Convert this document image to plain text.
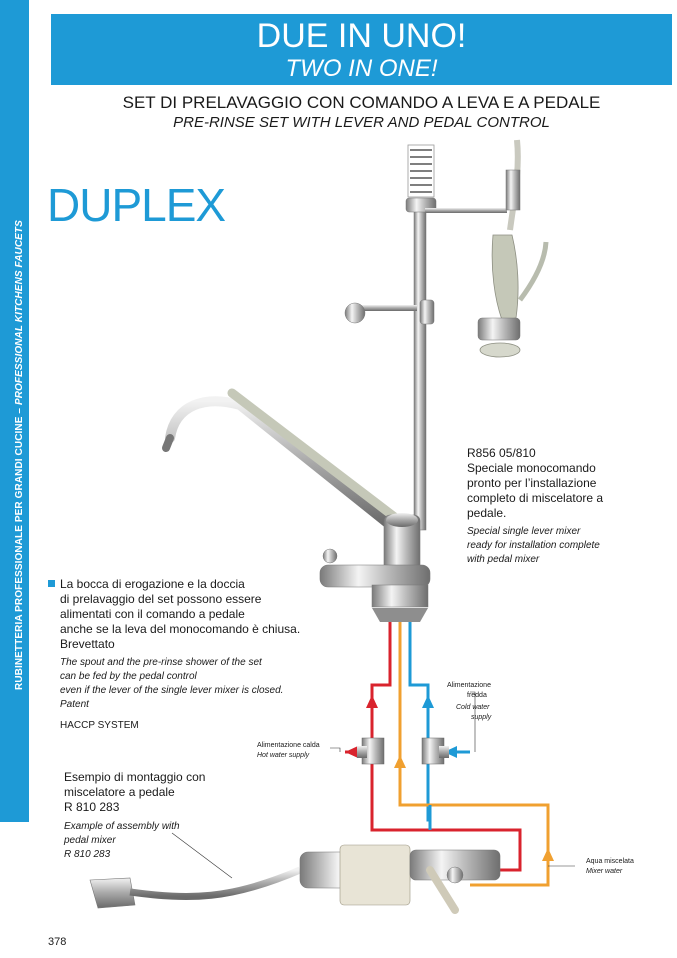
RUBINETTERIA PROFESSIONALE PER GRANDI CUCINE – PROFESSIONAL KITCHENS FAUCETS
DUE IN UNO!
TWO IN ONE!
SET DI PRELAVAGGIO CON COMANDO A LEVA E A PEDALE
PRE-RINSE SET WITH LEVER AND PEDAL CONTROL
DUPLEX
R856 05/810
Speciale monocomando
pronto per l’installazione
completo di miscelatore a
pedale.
Special single lever mixer
ready for installation complete
with pedal mixer
La bocca di erogazione e la doccia
di prelavaggio del set possono essere
alimentati con il comando a pedale
anche se la leva del monocomando è chiusa.
Brevettato
The spout and the pre-rinse shower of the set
can be fed by the pedal control
even if the lever of the single lever mixer is closed.
Patent
HACCP SYSTEM
Esempio di montaggio con
miscelatore a pedale
R 810 283
Example of assembly with
pedal mixer
R 810 283
Alimentazione
fredda
Cold water
supply
Alimentazione calda
Hot water supply
Aqua miscelata
Mixer water
378
